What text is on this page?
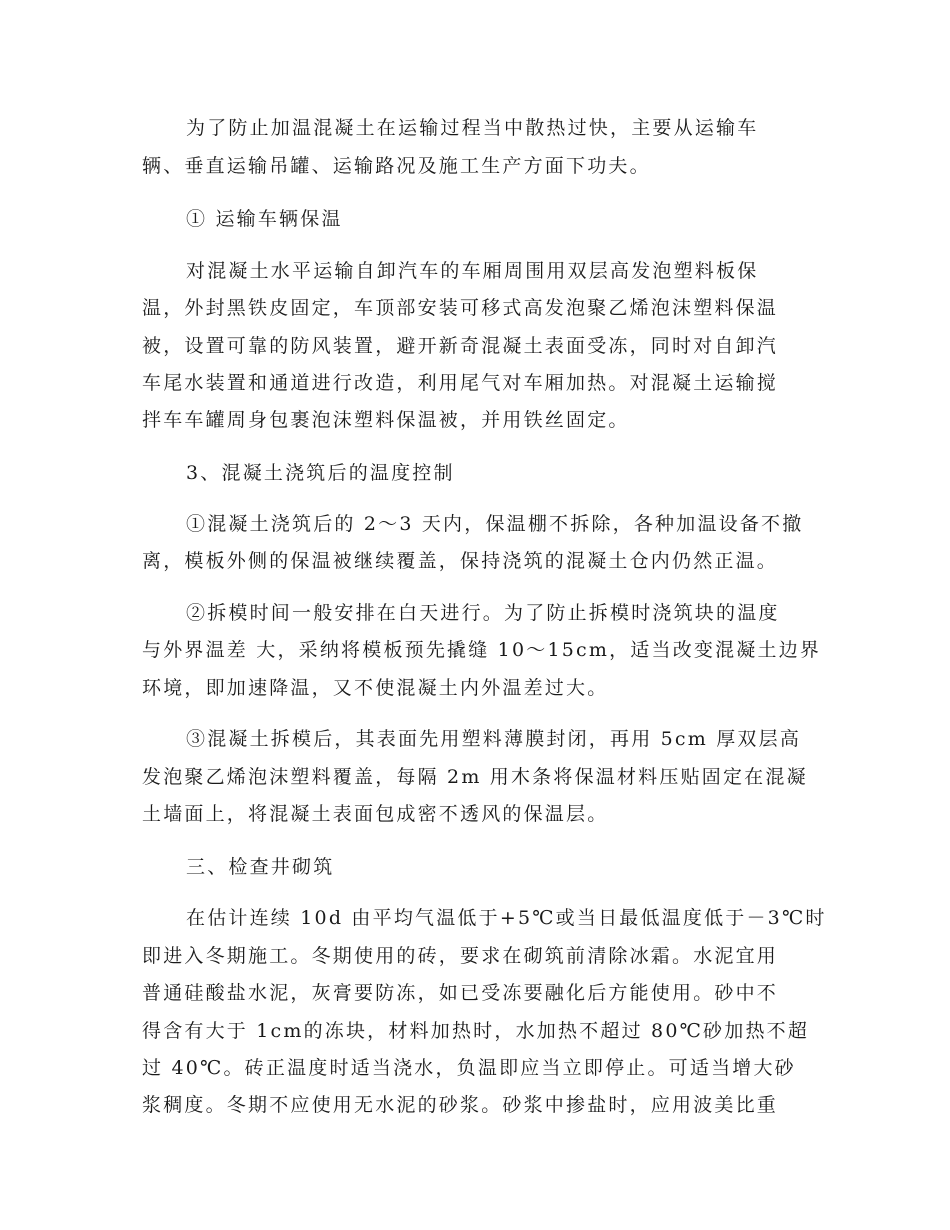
为了防止加温混凝土在运输过程当中散热过快，主要从运输车
辆、垂直运输吊罐、运输路况及施工生产方面下功夫。
① 运输车辆保温
对混凝土水平运输自卸汽车的车厢周围用双层高发泡塑料板保
温，外封黑铁皮固定，车顶部安装可移式高发泡聚乙烯泡沫塑料保温
被，设置可靠的防风装置，避开新奇混凝土表面受冻，同时对自卸汽
车尾水装置和通道进行改造，利用尾气对车厢加热。对混凝土运输搅
拌车车罐周身包裹泡沫塑料保温被，并用铁丝固定。
3、混凝土浇筑后的温度控制
①混凝土浇筑后的 2～3 天内，保温棚不拆除，各种加温设备不撤
离，模板外侧的保温被继续覆盖，保持浇筑的混凝土仓内仍然正温。
②拆模时间一般安排在白天进行。为了防止拆模时浇筑块的温度
与外界温差 大，采纳将模板预先撬缝 10～15cm，适当改变混凝土边界
环境，即加速降温，又不使混凝土内外温差过大。
③混凝土拆模后，其表面先用塑料薄膜封闭，再用 5cm 厚双层高
发泡聚乙烯泡沫塑料覆盖，每隔 2m 用木条将保温材料压贴固定在混凝
土墙面上，将混凝土表面包成密不透风的保温层。
三、检查井砌筑
在估计连续 10d 由平均气温低于+5℃或当日最低温度低于－3℃时
即进入冬期施工。冬期使用的砖，要求在砌筑前清除冰霜。水泥宜用
普通硅酸盐水泥，灰膏要防冻，如已受冻要融化后方能使用。砂中不
得含有大于 1cm的冻块，材料加热时，水加热不超过 80℃砂加热不超
过 40℃。砖正温度时适当浇水，负温即应当立即停止。可适当增大砂
浆稠度。冬期不应使用无水泥的砂浆。砂浆中掺盐时，应用波美比重
